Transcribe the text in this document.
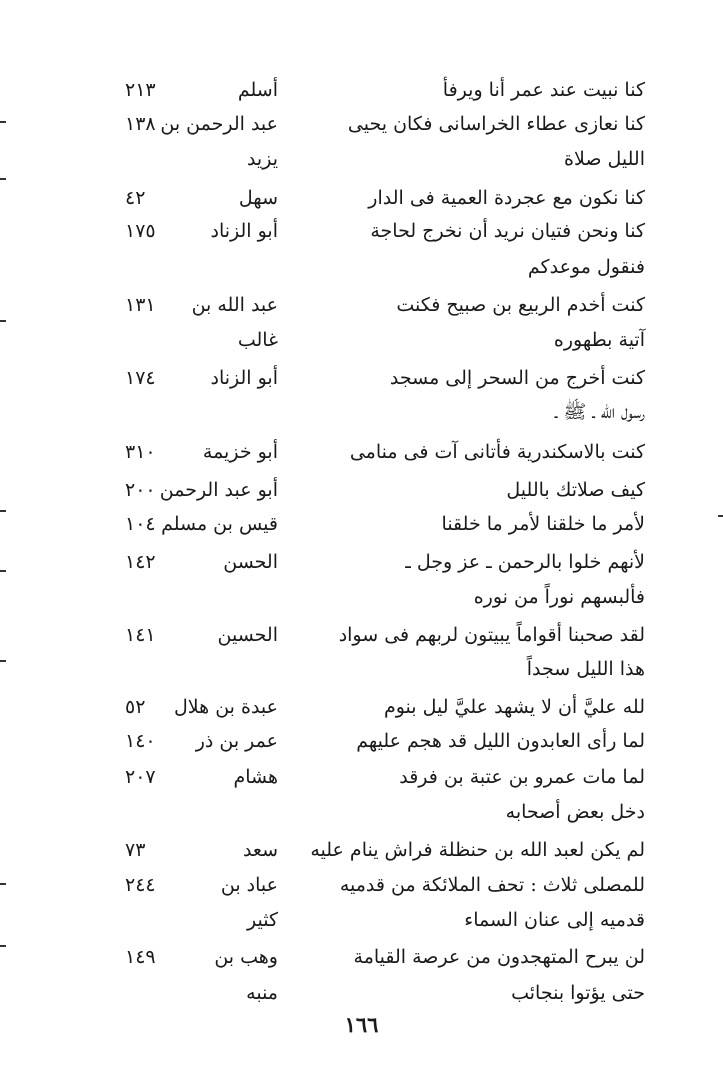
كنا نبيت عند عمر أنا ويرفأ
أسلم
٢١٣
كنا نعازى عطاء الخراسانى فكان يحيى
عبد الرحمن بن
١٣٨
الليل صلاة
يزيد
كنا نكون مع عجردة العمية فى الدار
سهل
٤٢
كنا ونحن فتيان نريد أن نخرج لحاجة
أبو الزناد
١٧٥
فنقول موعدكم
كنت أخدم الربيع بن صبيح فكنت
عبد الله بن
١٣١
آتية بطهوره
غالب
كنت أخرج من السحر إلى مسجد
أبو الزناد
١٧٤
رسول الله ـ ﷺ ـ
كنت بالاسكندرية فأتانى آت فى منامى
أبو خزيمة
٣١٠
كيف صلاتك بالليل
أبو عبد الرحمن
٢٠٠
لأمر ما خلقنا لأمر ما خلقنا
قيس بن مسلم
١٠٤
لأنهم خلوا بالرحمن ـ عز وجل ـ
الحسن
١٤٢
فألبسهم نوراً من نوره
لقد صحبنا أقواماً يبيتون لربهم فى سواد
الحسين
١٤١
هذا الليل سجداً
لله عليَّ أن لا يشهد عليَّ ليل بنوم
عبدة بن هلال
٥٢
لما رأى العابدون الليل قد هجم عليهم
عمر بن ذر
١٤٠
لما مات عمرو بن عتبة بن فرقد
هشام
٢٠٧
دخل بعض أصحابه
لم يكن لعبد الله بن حنظلة فراش ينام عليه
سعد
٧٣
للمصلى ثلاث : تحف الملائكة من قدميه
عباد بن
٢٤٤
قدميه إلى عنان السماء
كثير
لن يبرح المتهجدون من عرصة القيامة
وهب بن
١٤٩
حتى يؤتوا بنجائب
منبه
١٦٦
